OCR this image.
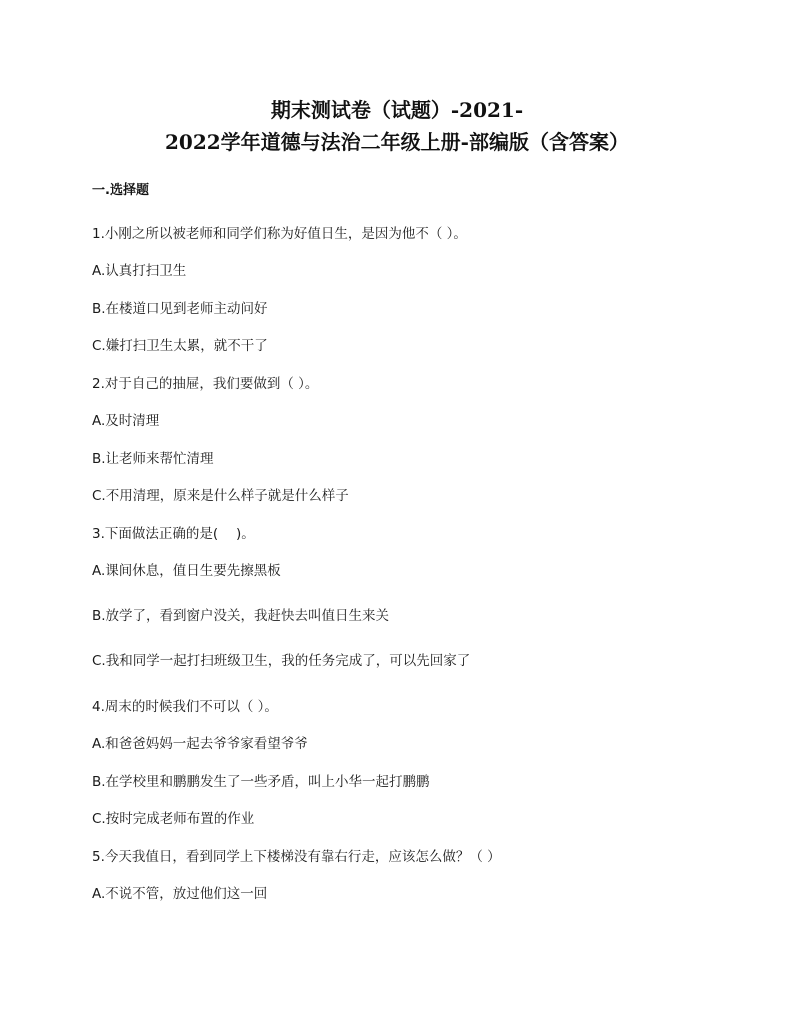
期末测试卷（试题）-2021-
2022学年道德与法治二年级上册-部编版（含答案）
一.选择题
1.小刚之所以被老师和同学们称为好值日生，是因为他不（ ）。
A.认真打扫卫生
B.在楼道口见到老师主动问好
C.嫌打扫卫生太累，就不干了
2.对于自己的抽屉，我们要做到（ ）。
A.及时清理
B.让老师来帮忙清理
C.不用清理，原来是什么样子就是什么样子
3.下面做法正确的是(　 )。
A.课间休息，值日生要先擦黑板
B.放学了，看到窗户没关，我赶快去叫值日生来关
C.我和同学一起打扫班级卫生，我的任务完成了，可以先回家了
4.周末的时候我们不可以（ ）。
A.和爸爸妈妈一起去爷爷家看望爷爷
B.在学校里和鹏鹏发生了一些矛盾，叫上小华一起打鹏鹏
C.按时完成老师布置的作业
5.今天我值日，看到同学上下楼梯没有靠右行走，应该怎么做？（ ）
A.不说不管，放过他们这一回
